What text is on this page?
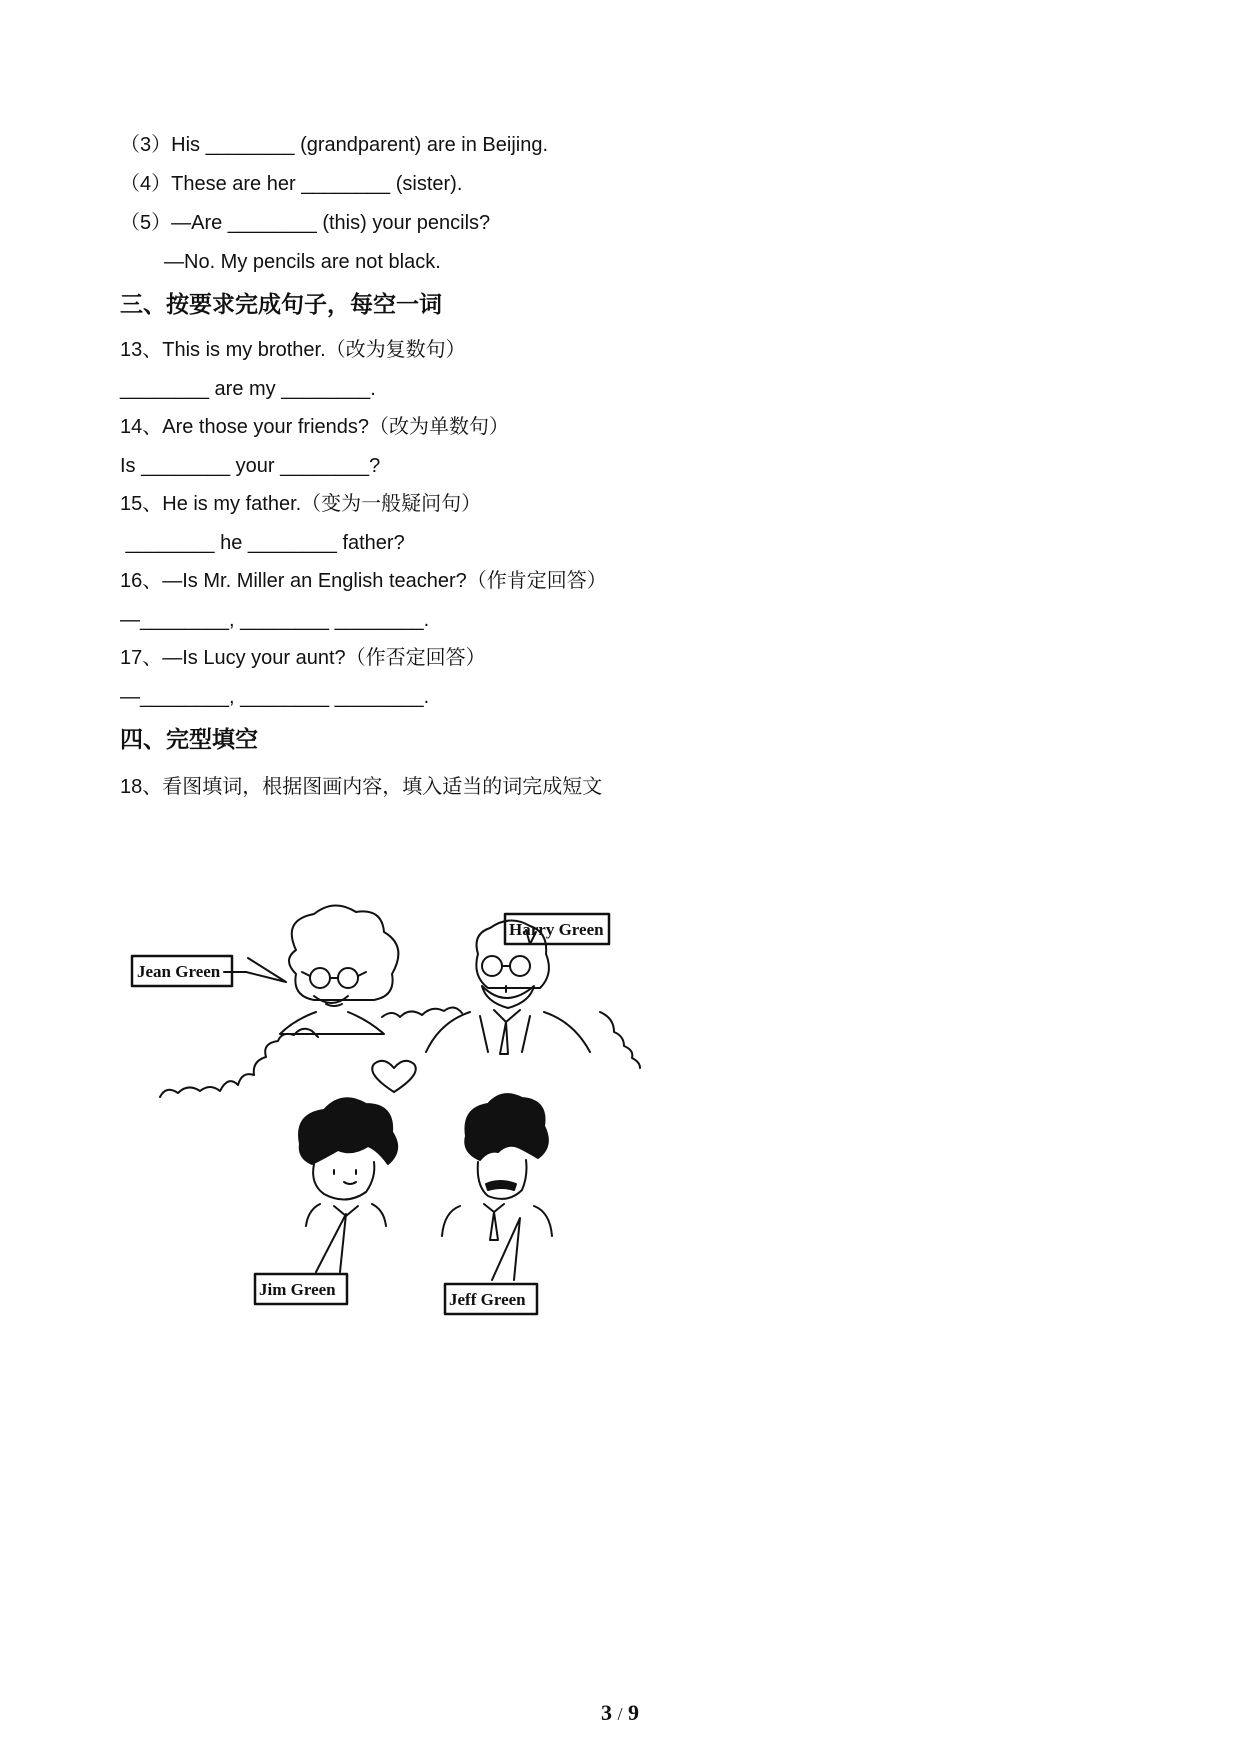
（3）His ________ (grandparent) are in Beijing.
（4）These are her ________ (sister).
（5）—Are ________ (this) your pencils?
—No. My pencils are not black.
三、按要求完成句子，每空一词
13、This is my brother.（改为复数句）
________ are my ________.
14、Are those your friends?（改为单数句）
Is ________ your ________?
15、He is my father.（变为一般疑问句）
________ he ________ father?
16、—Is Mr. Miller an English teacher?（作肯定回答）
—________, ________ ________.
17、—Is Lucy your aunt?（作否定回答）
—________, ________ ________.
四、完型填空
18、看图填词，根据图画内容，填入适当的词完成短文
Jean Green
Harry Green
Jim Green
Jeff Green
3 / 9
